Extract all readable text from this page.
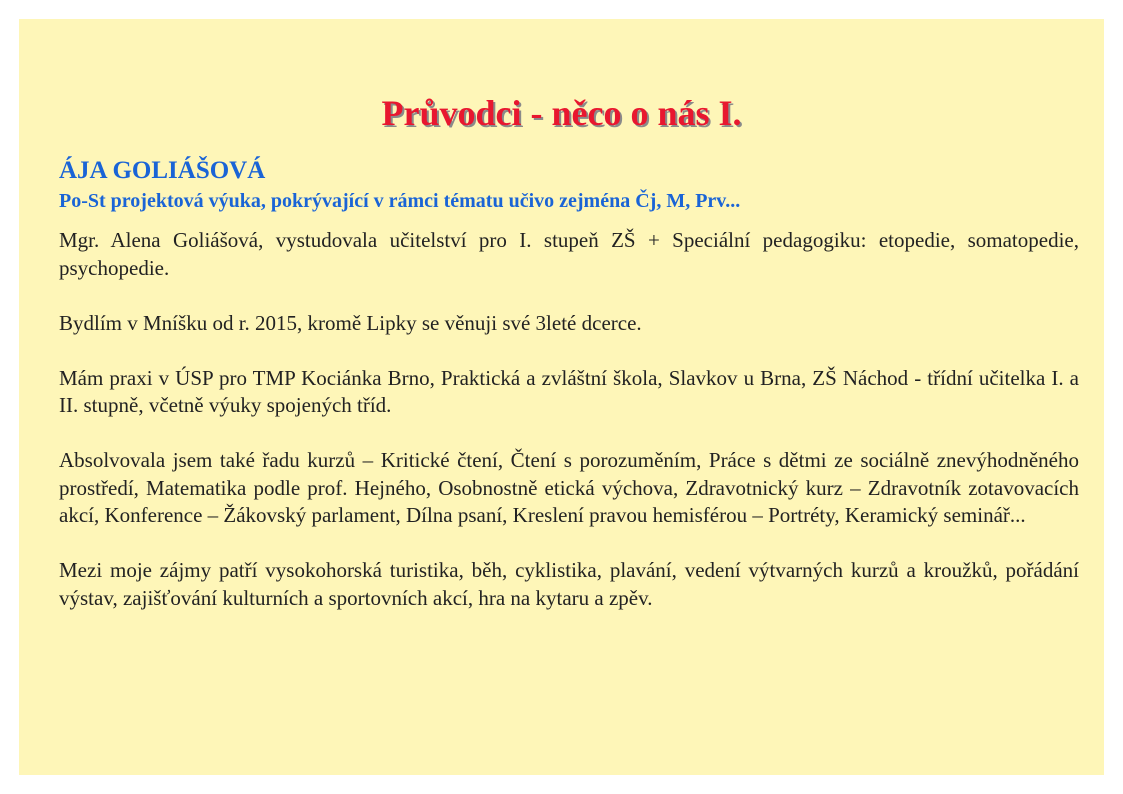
Průvodci - něco o nás I.

ÁJA GOLIÁŠOVÁ

Po-St projektová výuka, pokrývající v rámci tématu učivo zejména Čj, M, Prv...

Mgr. Alena Goliášová, vystudovala učitelství pro I. stupeň ZŠ + Speciální pedagogiku: etopedie, somatopedie, psychopedie.

Bydlím v Mníšku od r. 2015, kromě Lipky se věnuji své 3leté dcerce.

Mám praxi v ÚSP pro TMP Kociánka Brno, Praktická a zvláštní škola, Slavkov u Brna, ZŠ Náchod - třídní učitelka I. a II. stupně, včetně výuky spojených tříd.

Absolvovala jsem také řadu kurzů – Kritické čtení, Čtení s porozuměním, Práce s dětmi ze sociálně znevýhodněného prostředí, Matematika podle prof. Hejného, Osobnostně etická výchova, Zdravotnický kurz – Zdravotník zotavovacích akcí, Konference – Žákovský parlament, Dílna psaní, Kreslení pravou hemisférou – Portréty, Keramický seminář...

Mezi moje zájmy patří vysokohorská turistika, běh, cyklistika, plavání, vedení výtvarných kurzů a kroužků, pořádání výstav, zajišťování kulturních a sportovních akcí, hra na kytaru a zpěv.
